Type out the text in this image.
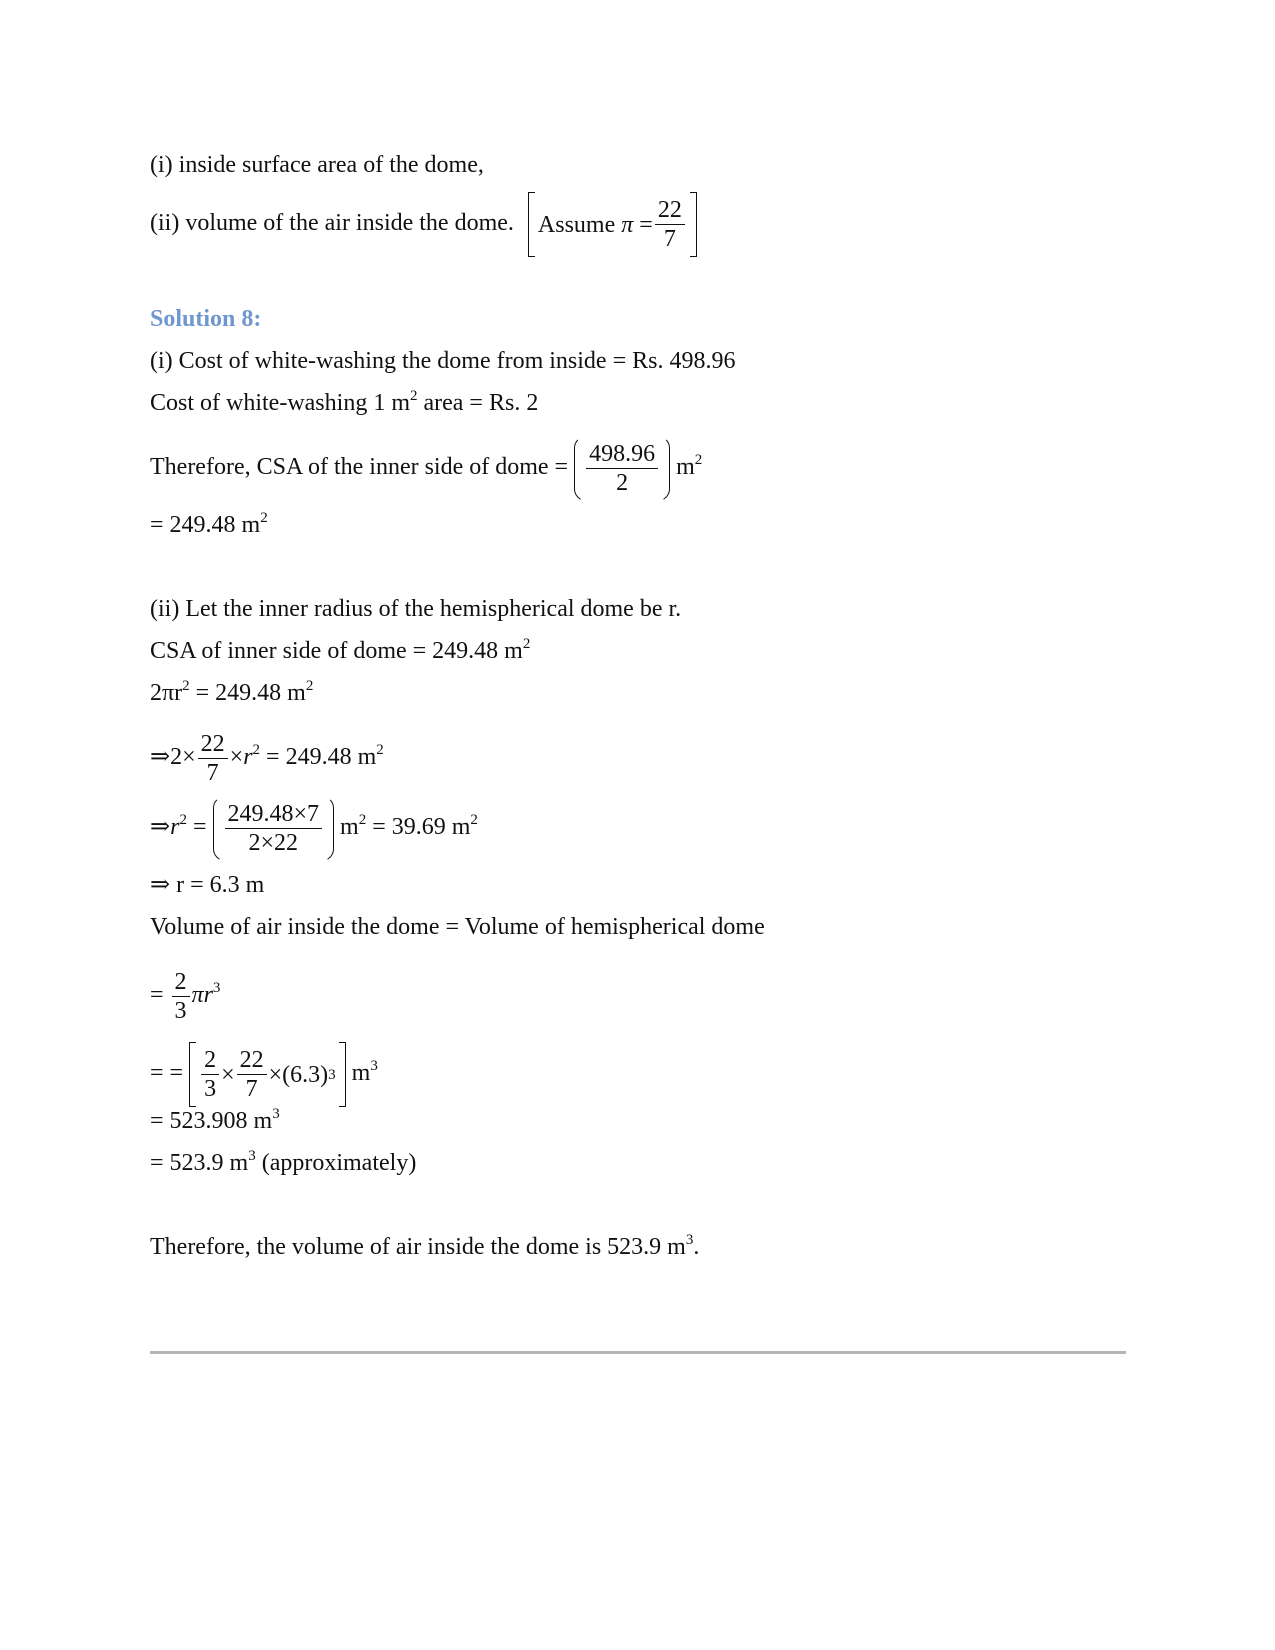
(i) inside surface area of the dome,
(ii) volume of the air inside the dome. Assume
π
= $\frac{22}{7}$
Solution 8:
(i) Cost of white-washing the dome from inside = Rs. 498.96
Cost of white-washing 1 $m^2$ area = Rs. 2
Therefore, CSA of the inner side of dome = $\frac{498.96}{2} m^2$
= 249.48 $m^2$
(ii) Let the inner radius of the hemispherical dome be r.
CSA of inner side of dome = 249.48 $m^2$
$2\pi r^2 = 249.48$ $m^2$
⇒2× $\frac{22}{7} \times r^2 = 249.48$ $m^2$
$\Rightarrow r^2 = \frac{249.48\times 7}{2\times 22} m^2 = 39.69$ $m^2$
⇒ r = 6.3 m
Volume of air inside the dome = Volume of hemispherical dome
= $\frac{2}{3} \pi r^3$
= = $\frac{2}{3} \times \frac{22}{7} \times(6.3)$ 3 $m^3$
= 523.908 $m^3$
= 523.9 $m^3$ (approximately)
Therefore, the volume of air inside the dome is 523.9 $m^3$.
